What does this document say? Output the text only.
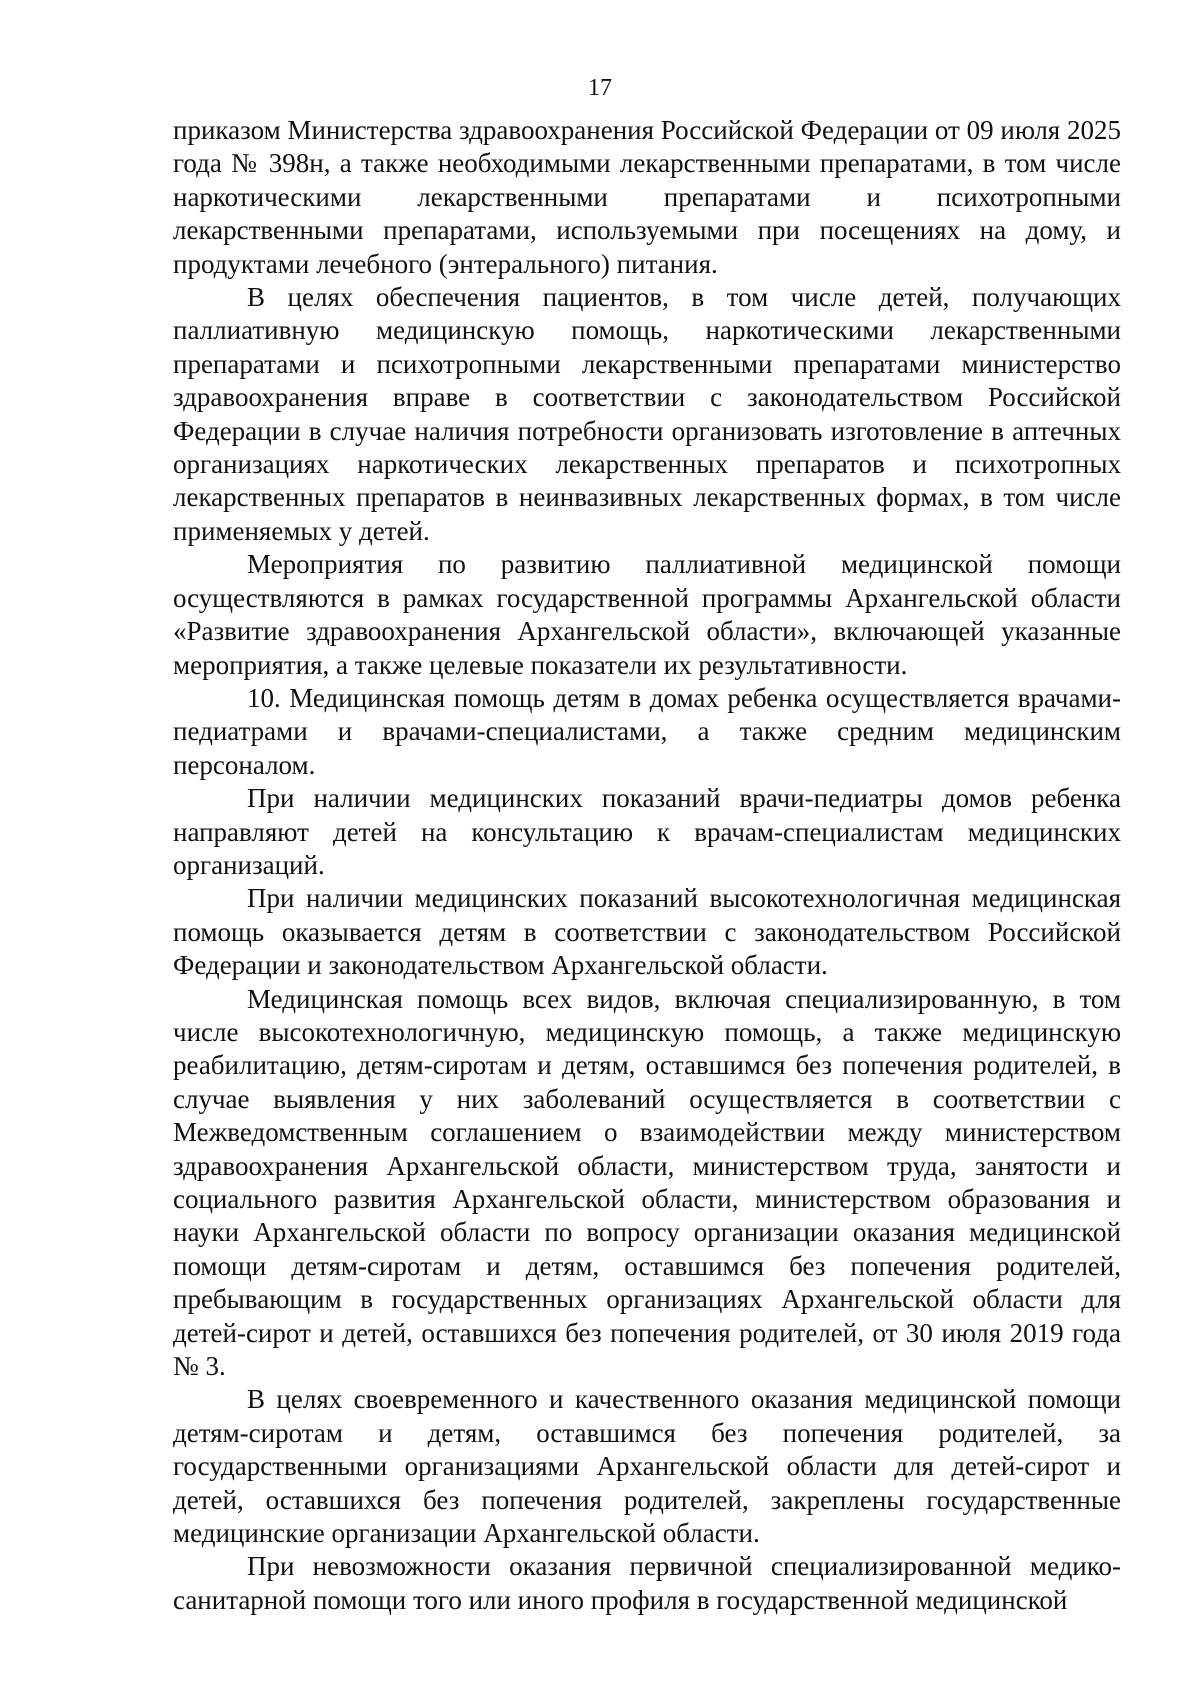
17

приказом Министерства здравоохранения Российской Федерации от 09 июля 2025 года № 398н, а также необходимыми лекарственными препаратами, в том числе наркотическими лекарственными препаратами и психотропными лекарственными препаратами, используемыми при посещениях на дому, и продуктами лечебного (энтерального) питания.

В целях обеспечения пациентов, в том числе детей, получающих паллиативную медицинскую помощь, наркотическими лекарственными препаратами и психотропными лекарственными препаратами министерство здравоохранения вправе в соответствии с законодательством Российской Федерации в случае наличия потребности организовать изготовление в аптечных организациях наркотических лекарственных препаратов и психотропных лекарственных препаратов в неинвазивных лекарственных формах, в том числе применяемых у детей.

Мероприятия по развитию паллиативной медицинской помощи осуществляются в рамках государственной программы Архангельской области «Развитие здравоохранения Архангельской области», включающей указанные мероприятия, а также целевые показатели их результативности.

10. Медицинская помощь детям в домах ребенка осуществляется врачами-педиатрами и врачами-специалистами, а также средним медицинским персоналом.

При наличии медицинских показаний врачи-педиатры домов ребенка направляют детей на консультацию к врачам-специалистам медицинских организаций.

При наличии медицинских показаний высокотехнологичная медицинская помощь оказывается детям в соответствии с законодательством Российской Федерации и законодательством Архангельской области.

Медицинская помощь всех видов, включая специализированную, в том числе высокотехнологичную, медицинскую помощь, а также медицинскую реабилитацию, детям-сиротам и детям, оставшимся без попечения родителей, в случае выявления у них заболеваний осуществляется в соответствии с Межведомственным соглашением о взаимодействии между министерством здравоохранения Архангельской области, министерством труда, занятости и социального развития Архангельской области, министерством образования и науки Архангельской области по вопросу организации оказания медицинской помощи детям-сиротам и детям, оставшимся без попечения родителей, пребывающим в государственных организациях Архангельской области для детей-сирот и детей, оставшихся без попечения родителей, от 30 июля 2019 года № 3.

В целях своевременного и качественного оказания медицинской помощи детям-сиротам и детям, оставшимся без попечения родителей, за государственными организациями Архангельской области для детей-сирот и детей, оставшихся без попечения родителей, закреплены государственные медицинские организации Архангельской области.

При невозможности оказания первичной специализированной медико-санитарной помощи того или иного профиля в государственной медицинской
